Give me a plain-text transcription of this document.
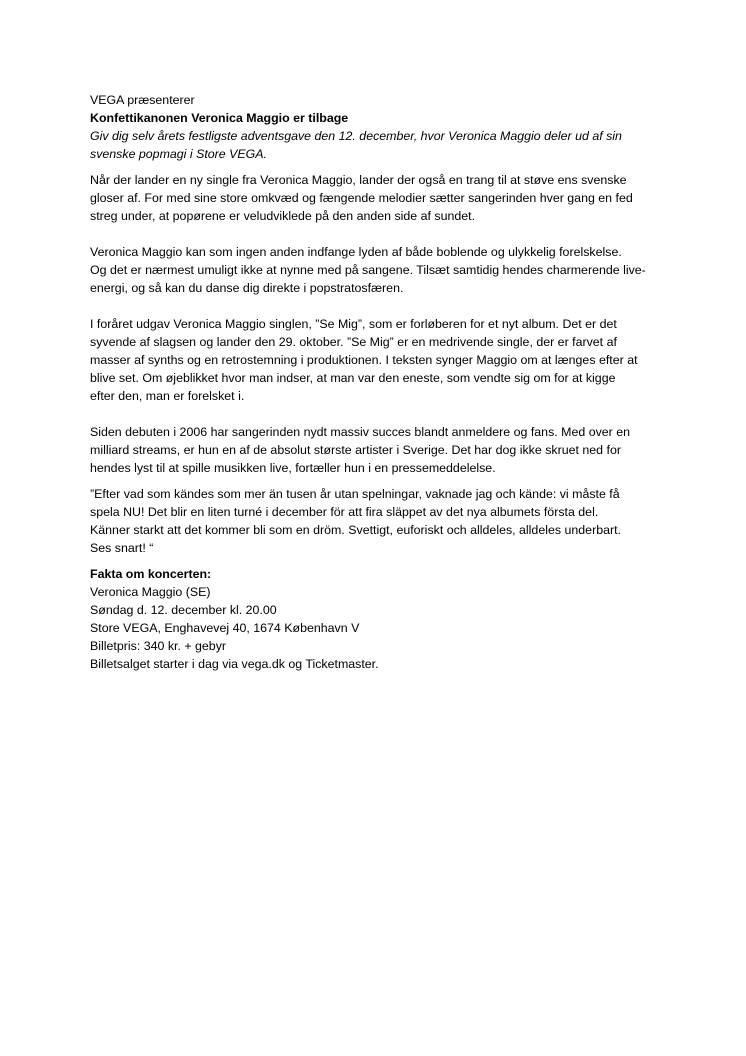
VEGA præsenterer

Konfettikanonen Veronica Maggio er tilbage

Giv dig selv årets festligste adventsgave den 12. december, hvor Veronica Maggio deler ud af sin
svenske popmagi i Store VEGA.

Når der lander en ny single fra Veronica Maggio, lander der også en trang til at støve ens svenske
gloser af. For med sine store omkvæd og fængende melodier sætter sangerinden hver gang en fed
streg under, at popørene er veludviklede på den anden side af sundet.

Veronica Maggio kan som ingen anden indfange lyden af både boblende og ulykkelig forelskelse.
Og det er nærmest umuligt ikke at nynne med på sangene. Tilsæt samtidig hendes charmerende live-
energi, og så kan du danse dig direkte i popstratosfæren.

I foråret udgav Veronica Maggio singlen, ”Se Mig”, som er forløberen for et nyt album. Det er det
syvende af slagsen og lander den 29. oktober. ”Se Mig” er en medrivende single, der er farvet af
masser af synths og en retrostemning i produktionen. I teksten synger Maggio om at længes efter at
blive set. Om øjeblikket hvor man indser, at man var den eneste, som vendte sig om for at kigge
efter den, man er forelsket i.

Siden debuten i 2006 har sangerinden nydt massiv succes blandt anmeldere og fans. Med over en
milliard streams, er hun en af de absolut største artister i Sverige. Det har dog ikke skruet ned for
hendes lyst til at spille musikken live, fortæller hun i en pressemeddelelse.

”Efter vad som kändes som mer än tusen år utan spelningar, vaknade jag och kände: vi måste få
spela NU! Det blir en liten turné i december för att fira släppet av det nya albumets första del.
Känner starkt att det kommer bli som en dröm. Svettigt, euforiskt och alldeles, alldeles underbart.
Ses snart! “

Fakta om koncerten:

Veronica Maggio (SE)
Søndag d. 12. december kl. 20.00
Store VEGA, Enghavevej 40, 1674 København V
Billetpris: 340 kr. + gebyr
Billetsalget starter i dag via vega.dk og Ticketmaster.
